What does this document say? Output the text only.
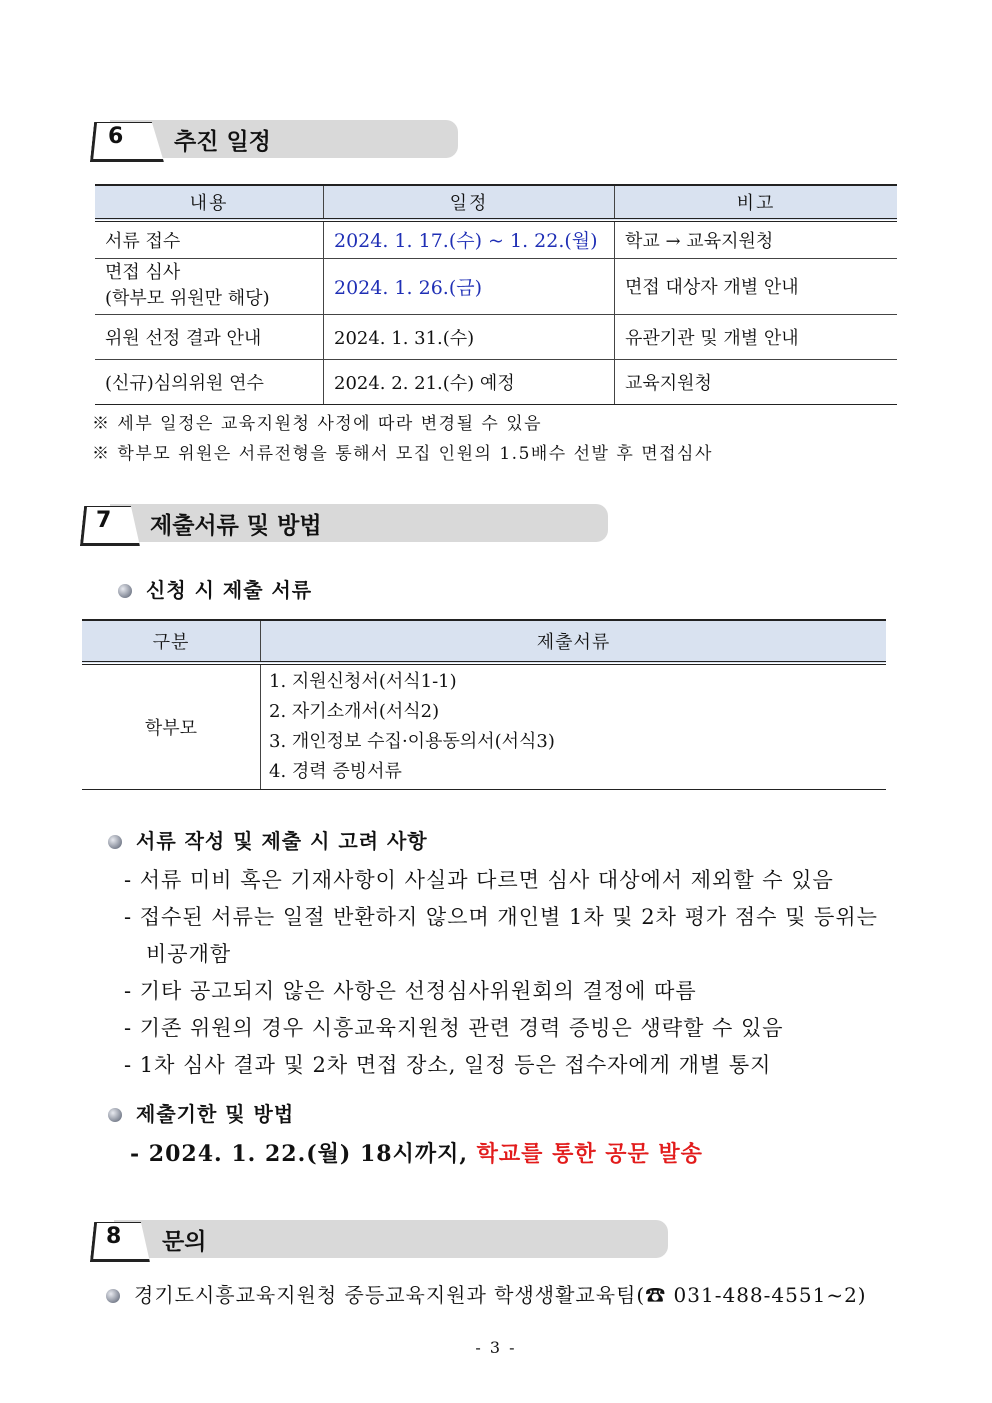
6 추진 일정
내용	일정	비고
서류 접수	2024. 1. 17.(수) ~ 1. 22.(월)	학교 → 교육지원청

면접 심사
(학부모 위원만 해당)	2024. 1. 26.(금)	면접 대상자 개별 안내
위원 선정 결과 안내	2024. 1. 31.(수)	유관기관 및 개별 안내
(신규)심의위원 연수	2024. 2. 21.(수) 예정	교육지원청
※ 세부 일정은 교육지원청 사정에 따라 변경될 수 있음
※ 학부모 위원은 서류전형을 통해서 모집 인원의 1.5배수 선발 후 면접심사
7 제출서류 및 방법
신청 시 제출 서류
구분	제출서류
학부모	1. 지원신청서(서식1-1)
2. 자기소개서(서식2)
3. 개인정보 수집·이용동의서(서식3)
4. 경력 증빙서류
서류 작성 및 제출 시 고려 사항
- 서류 미비 혹은 기재사항이 사실과 다르면 심사 대상에서 제외할 수 있음
- 접수된 서류는 일절 반환하지 않으며 개인별 1차 및 2차 평가 점수 및 등위는
비공개함
- 기타 공고되지 않은 사항은 선정심사위원회의 결정에 따름
- 기존 위원의 경우 시흥교육지원청 관련 경력 증빙은 생략할 수 있음
- 1차 심사 결과 및 2차 면접 장소, 일정 등은 접수자에게 개별 통지
제출기한 및 방법
- 2024. 1. 22.(월) 18시까지, 학교를 통한 공문 발송
8 문의
경기도시흥교육지원청 중등교육지원과 학생생활교육팀(☎ 031-488-4551~2)
- 3 -
